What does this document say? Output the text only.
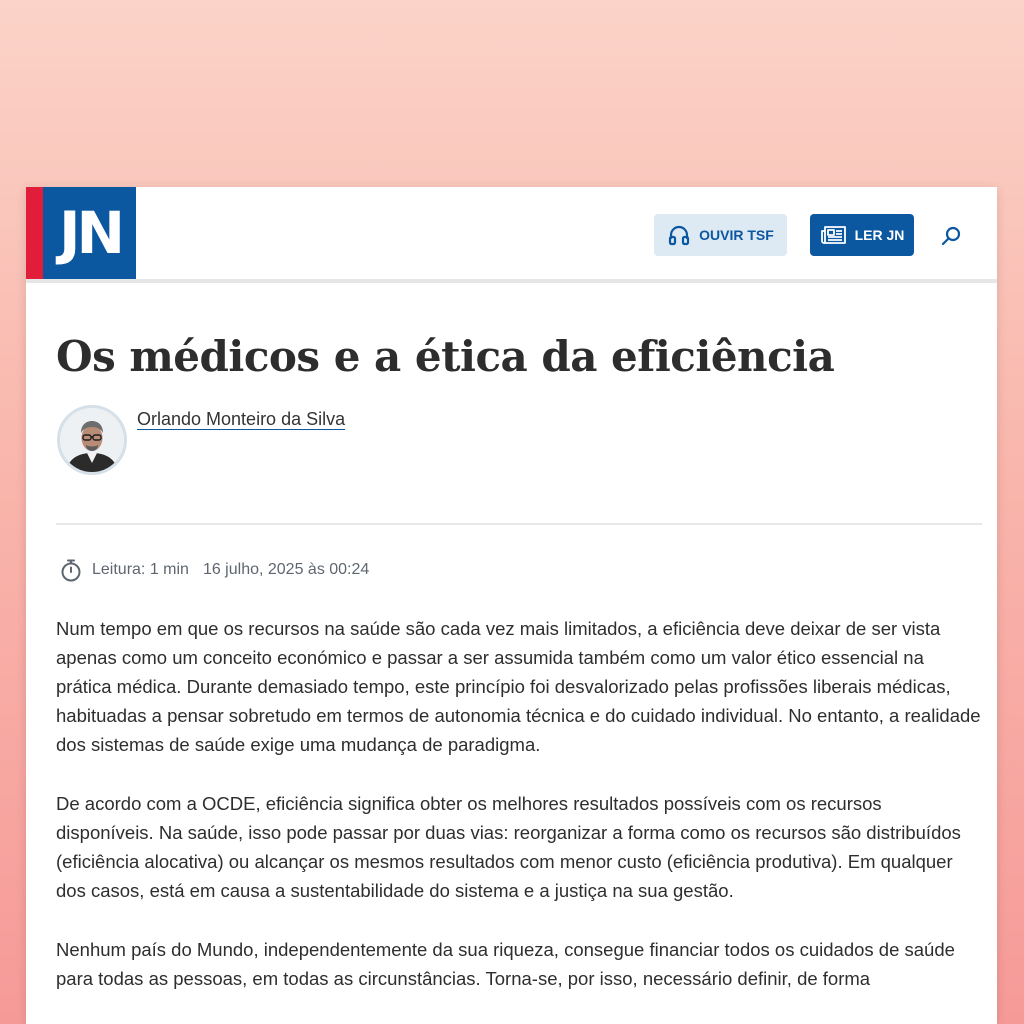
JN	OUVIR TSF	LER JN
Os médicos e a ética da eficiência
Orlando Monteiro da Silva
Leitura: 1 min 16 julho, 2025 às 00:24

Num tempo em que os recursos na saúde são cada vez mais limitados, a eficiência deve deixar de ser vista apenas como um conceito económico e passar a ser assumida também como um valor ético essencial na prática médica. Durante demasiado tempo, este princípio foi desvalorizado pelas profissões liberais médicas, habituadas a pensar sobretudo em termos de autonomia técnica e do cuidado individual. No entanto, a realidade dos sistemas de saúde exige uma mudança de paradigma.

De acordo com a OCDE, eficiência significa obter os melhores resultados possíveis com os recursos disponíveis. Na saúde, isso pode passar por duas vias: reorganizar a forma como os recursos são distribuídos (eficiência alocativa) ou alcançar os mesmos resultados com menor custo (eficiência produtiva). Em qualquer dos casos, está em causa a sustentabilidade do sistema e a justiça na sua gestão.

Nenhum país do Mundo, independentemente da sua riqueza, consegue financiar todos os cuidados de saúde para todas as pessoas, em todas as circunstâncias. Torna-se, por isso, necessário definir, de forma
